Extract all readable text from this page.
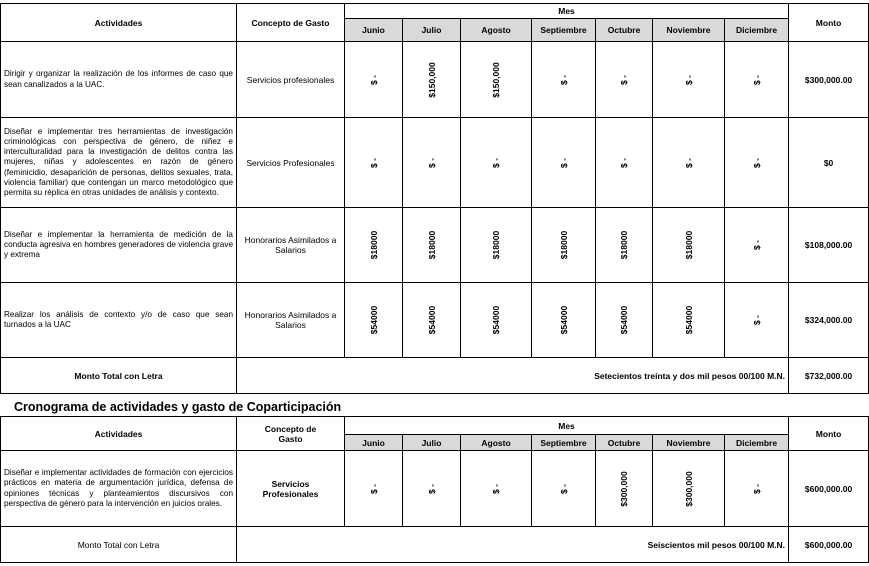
Actividades	Concepto de Gasto	Mes							Monto
		Junio	Julio	Agosto	Septiembre	Octubre	Noviembre	Diciembre	
Dirigir y organizar la realización de los informes de caso que sean canalizados a la UAC.	Servicios profesionales	$ -	$150,000	$150,000	$ -	$ -	$ -	$ -	$300,000.00
Diseñar e implementar tres herramientas de investigación criminológicas con perspectiva de género, de niñez e interculturalidad para la investigación de delitos contra las mujeres, niñas y adolescentes en razón de género (feminicidio, desaparición de personas, delitos sexuales, trata, violencia familiar) que contengan un marco metodológico que permita su réplica en otras unidades de análisis y contexto.	Servicios Profesionales	$ -	$ -	$ -	$ -	$ -	$ -	$ -	$0
Diseñar e implementar la herramienta de medición de la conducta agresiva en hombres generadores de violencia grave y extrema	Honorarios Asimilados a Salarios	$18000	$18000	$18000	$18000	$18000	$18000	$ -	$108,000.00
Realizar los análisis de contexto y/o de caso que sean turnados a la UAC	Honorarios Asimilados a Salarios	$54000	$54000	$54000	$54000	$54000	$54000	$ -	$324,000.00
Monto Total con Letra	Setecientos treinta y dos mil pesos 00/100 M.N.								$732,000.00
Cronograma de actividades y gasto de Coparticipación
Actividades	Concepto de Gasto	Mes							Monto
		Junio	Julio	Agosto	Septiembre	Octubre	Noviembre	Diciembre	
Diseñar e implementar actividades de formación con ejercicios prácticos en materia de argumentación jurídica, defensa de opiniones técnicas y planteamientos discursivos con perspectiva de género para la intervención en juicios orales.	Servicios Profesionales	$ -	$ -	$ -	$ -	$300,000	$300,000	$ -	$600,000.00
Monto Total con Letra	Seiscientos mil pesos 00/100 M.N.								$600,000.00
